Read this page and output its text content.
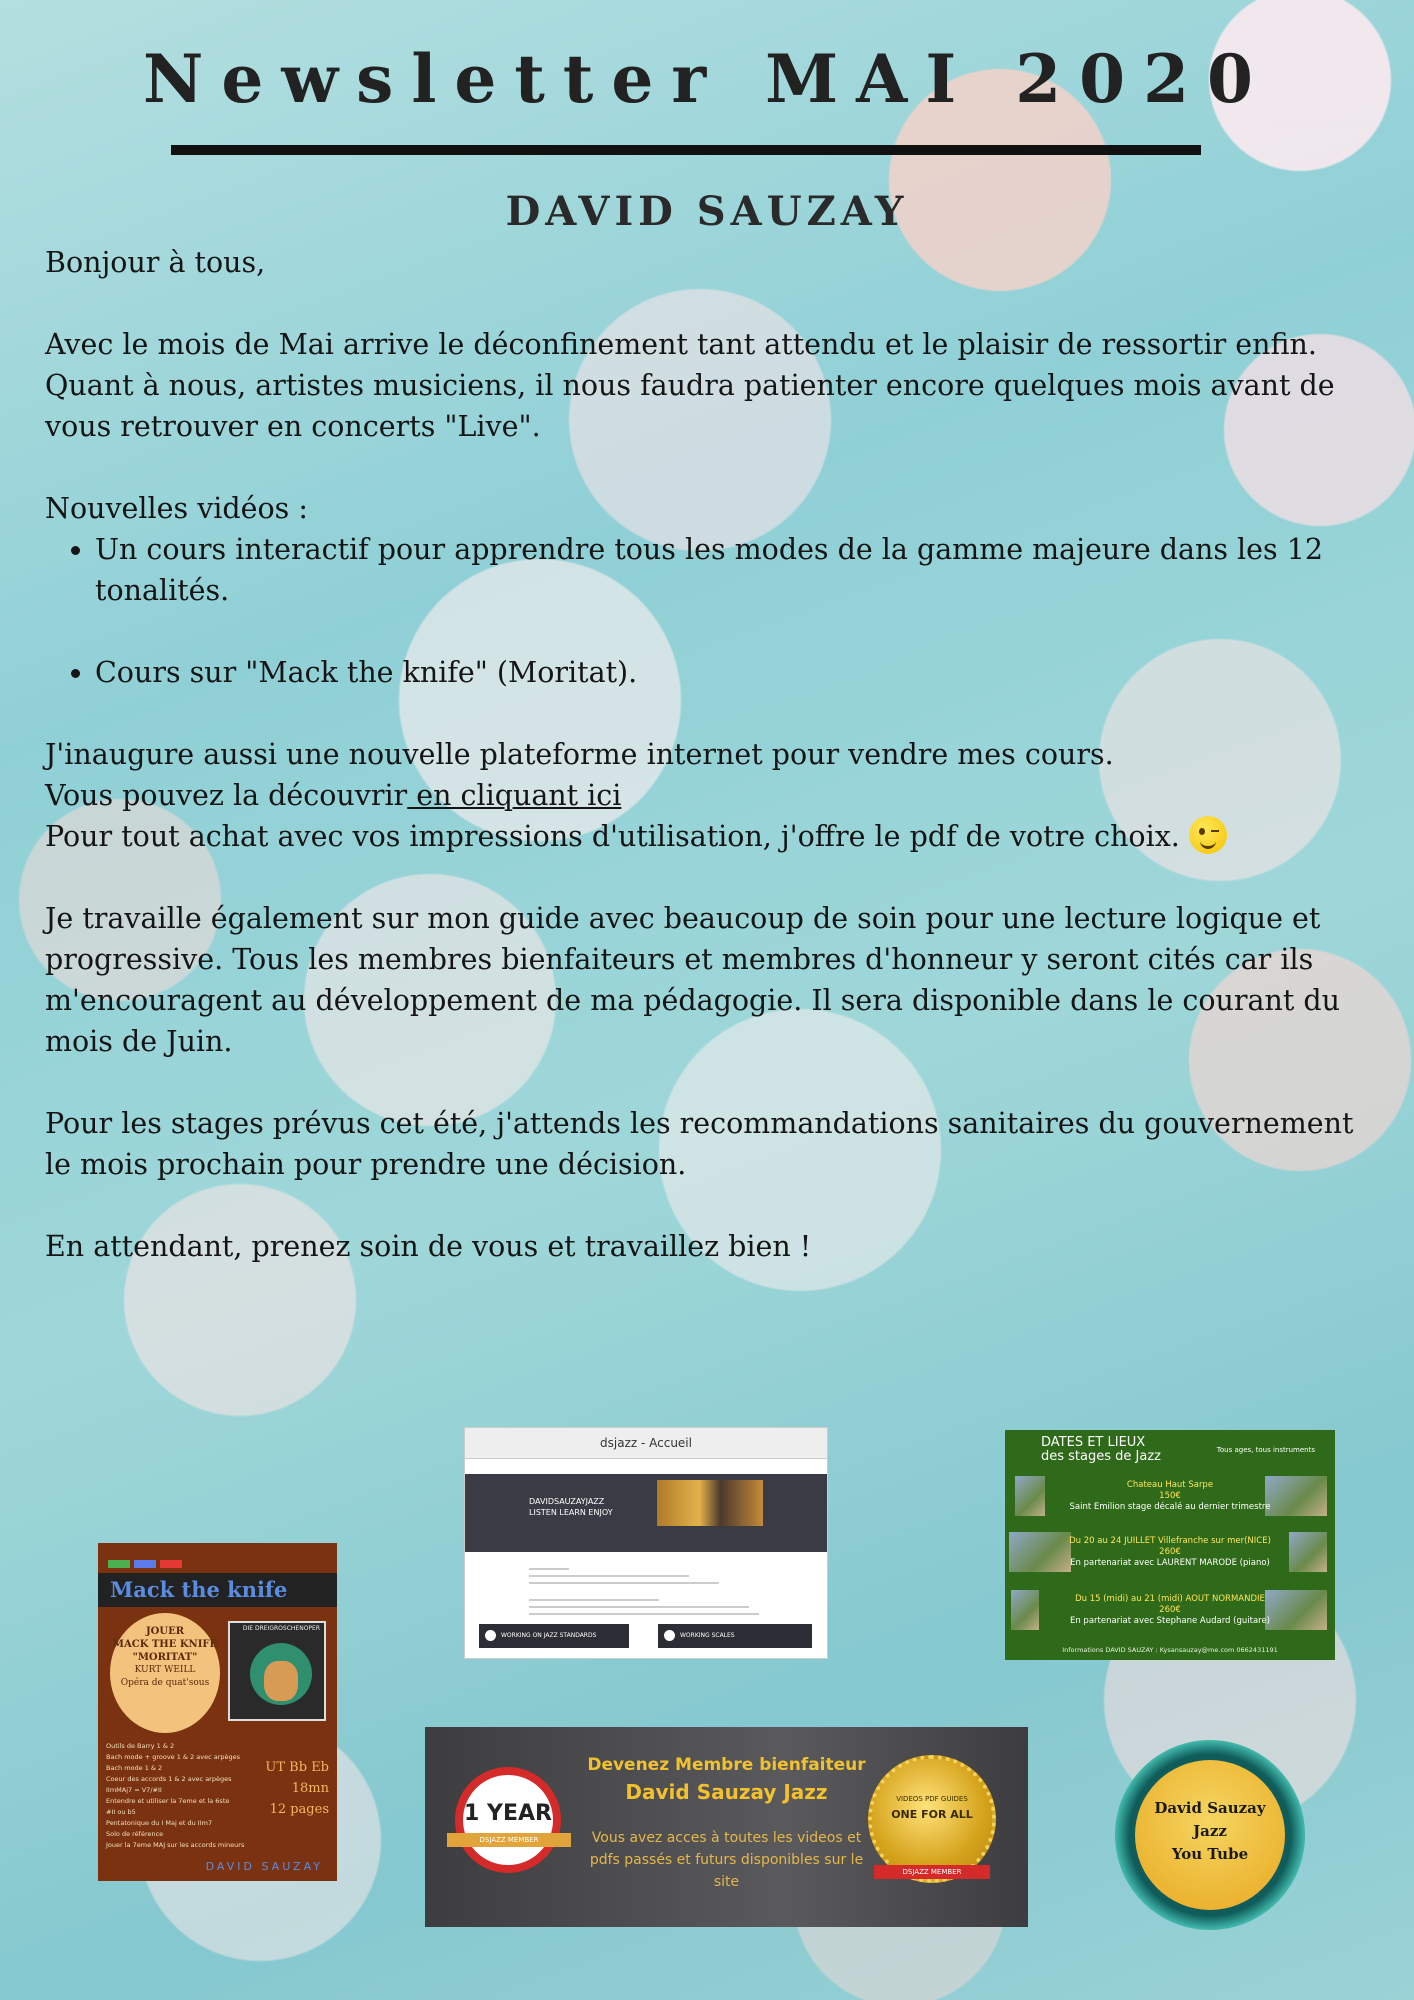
Newsletter MAI 2020
DAVID SAUZAY

Bonjour à tous,

Avec le mois de Mai arrive le déconfinement tant attendu et le plaisir de ressortir enfin.

Quant à nous, artistes musiciens, il nous faudra patienter encore quelques mois avant de vous retrouver en concerts "Live".

Nouvelles vidéos :

• Un cours interactif pour apprendre tous les modes de la gamme majeure dans les 12 tonalités.
• Cours sur "Mack the knife" (Moritat).

J'inaugure aussi une nouvelle plateforme internet pour vendre mes cours.

Vous pouvez la découvrir en cliquant ici

Pour tout achat avec vos impressions d'utilisation, j'offre le pdf de votre choix.

Je travaille également sur mon guide avec beaucoup de soin pour une lecture logique et progressive. Tous les membres bienfaiteurs et membres d'honneur y seront cités car ils m'encouragent au développement de ma pédagogie. Il sera disponible dans le courant du mois de Juin.

Pour les stages prévus cet été, j'attends les recommandations sanitaires du gouvernement le mois prochain pour prendre une décision.

En attendant, prenez soin de vous et travaillez bien !

Mack the knife
JOUER
MACK THE KNIFE
"MORITAT"
KURT WEILL
Opéra de quat'sous
DIE DREIGROSCHENOPER
Outils de Barry 1 & 2
Bach mode + groove 1 & 2 avec arpèges
Bach mode 1 & 2
Coeur des accords 1 & 2 avec arpèges
IImMAj7 = V7/#II
Entendre et utiliser la 7eme et la 6ste
#II ou b5
Pentatonique du I Maj et du IIm7
Solo de référence
Jouer la 7eme MAJ sur les accords mineurs
UT Bb Eb
18mn
12 pages
DAVID SAUZAY
dsjazz - Accueil
DAVIDSAUZAYJAZZ
LISTEN LEARN ENJOY
WORKING ON JAZZ STANDARDS	WORKING SCALES
DATES ET LIEUX
des stages de Jazz	Tous ages, tous instruments
Chateau Haut Sarpe
150€
Saint Emilion stage décalé au dernier trimestre
Du 20 au 24 JUILLET Villefranche sur mer(NICE)
260€
En partenariat avec LAURENT MARODE (piano)
Du 15 (midi) au 21 (midi) AOUT NORMANDIE
260€
En partenariat avec Stephane Audard (guitare)
Informations DAVID SAUZAY : Kysansauzay@me.com 0662431191
1 YEAR
DSJAZZ MEMBER
Devenez Membre bienfaiteur
David Sauzay Jazz
Vous avez acces à toutes les videos et pdfs passés et futurs disponibles sur le site
VIDEOS PDF GUIDES
ONE FOR ALL
DSJAZZ MEMBER
David Sauzay
Jazz
You Tube
